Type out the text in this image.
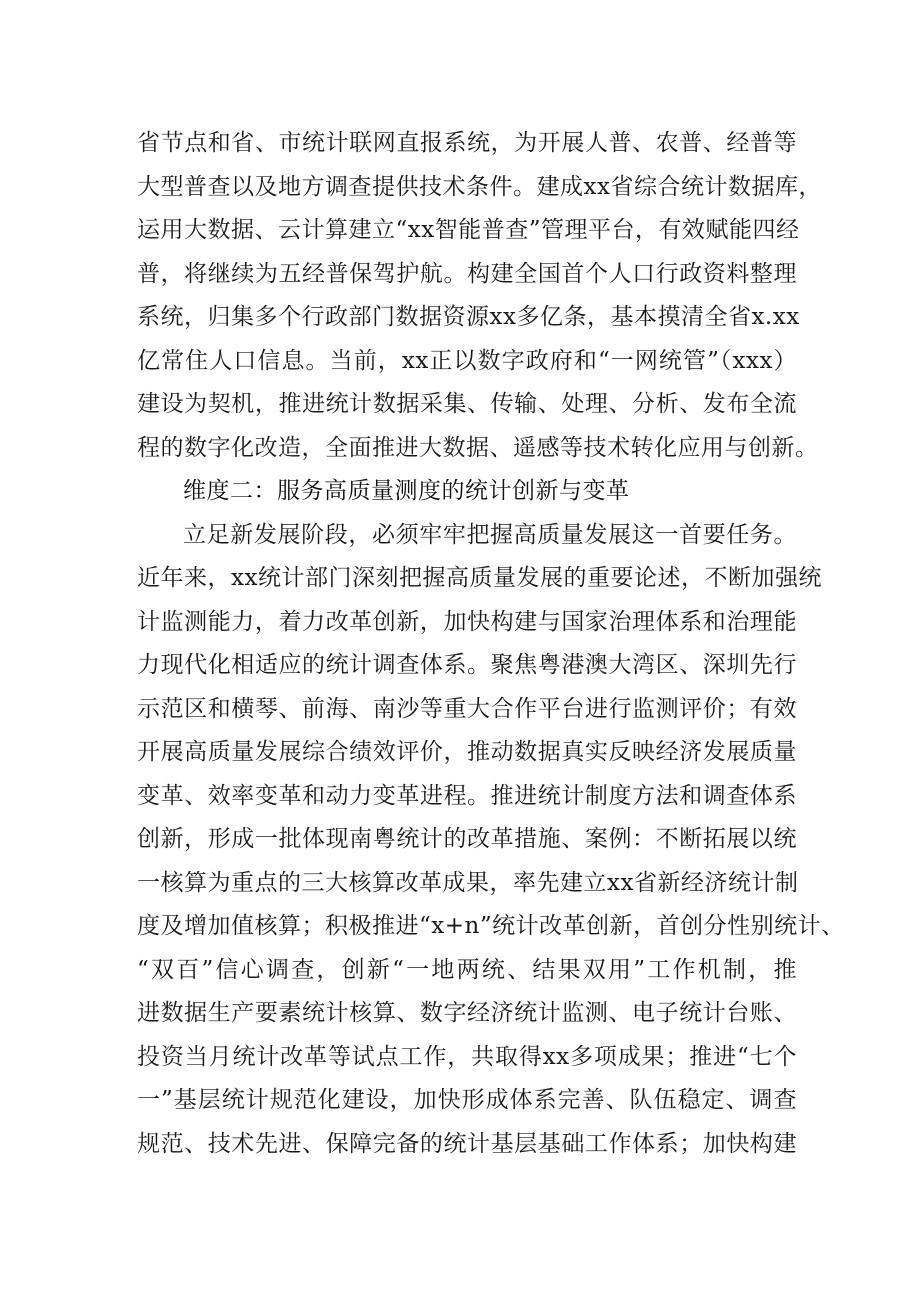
省节点和省、市统计联网直报系统，为开展人普、农普、经普等
大型普查以及地方调查提供技术条件。建成xx省综合统计数据库，
运用大数据、云计算建立“xx智能普查”管理平台，有效赋能四经
普，将继续为五经普保驾护航。构建全国首个人口行政资料整理
系统，归集多个行政部门数据资源xx多亿条，基本摸清全省x.xx
亿常住人口信息。当前，xx正以数字政府和“一网统管”（xxx）
建设为契机，推进统计数据采集、传输、处理、分析、发布全流
程的数字化改造，全面推进大数据、遥感等技术转化应用与创新。
维度二：服务高质量测度的统计创新与变革
立足新发展阶段，必须牢牢把握高质量发展这一首要任务。
近年来，xx统计部门深刻把握高质量发展的重要论述，不断加强统
计监测能力，着力改革创新，加快构建与国家治理体系和治理能
力现代化相适应的统计调查体系。聚焦粤港澳大湾区、深圳先行
示范区和横琴、前海、南沙等重大合作平台进行监测评价；有效
开展高质量发展综合绩效评价，推动数据真实反映经济发展质量
变革、效率变革和动力变革进程。推进统计制度方法和调查体系
创新，形成一批体现南粤统计的改革措施、案例：不断拓展以统
一核算为重点的三大核算改革成果，率先建立xx省新经济统计制
度及增加值核算；积极推进“x+n”统计改革创新，首创分性别统计、
“双百”信心调查，创新“一地两统、结果双用”工作机制，推
进数据生产要素统计核算、数字经济统计监测、电子统计台账、
投资当月统计改革等试点工作，共取得xx多项成果；推进“七个
一”基层统计规范化建设，加快形成体系完善、队伍稳定、调查
规范、技术先进、保障完备的统计基层基础工作体系；加快构建
